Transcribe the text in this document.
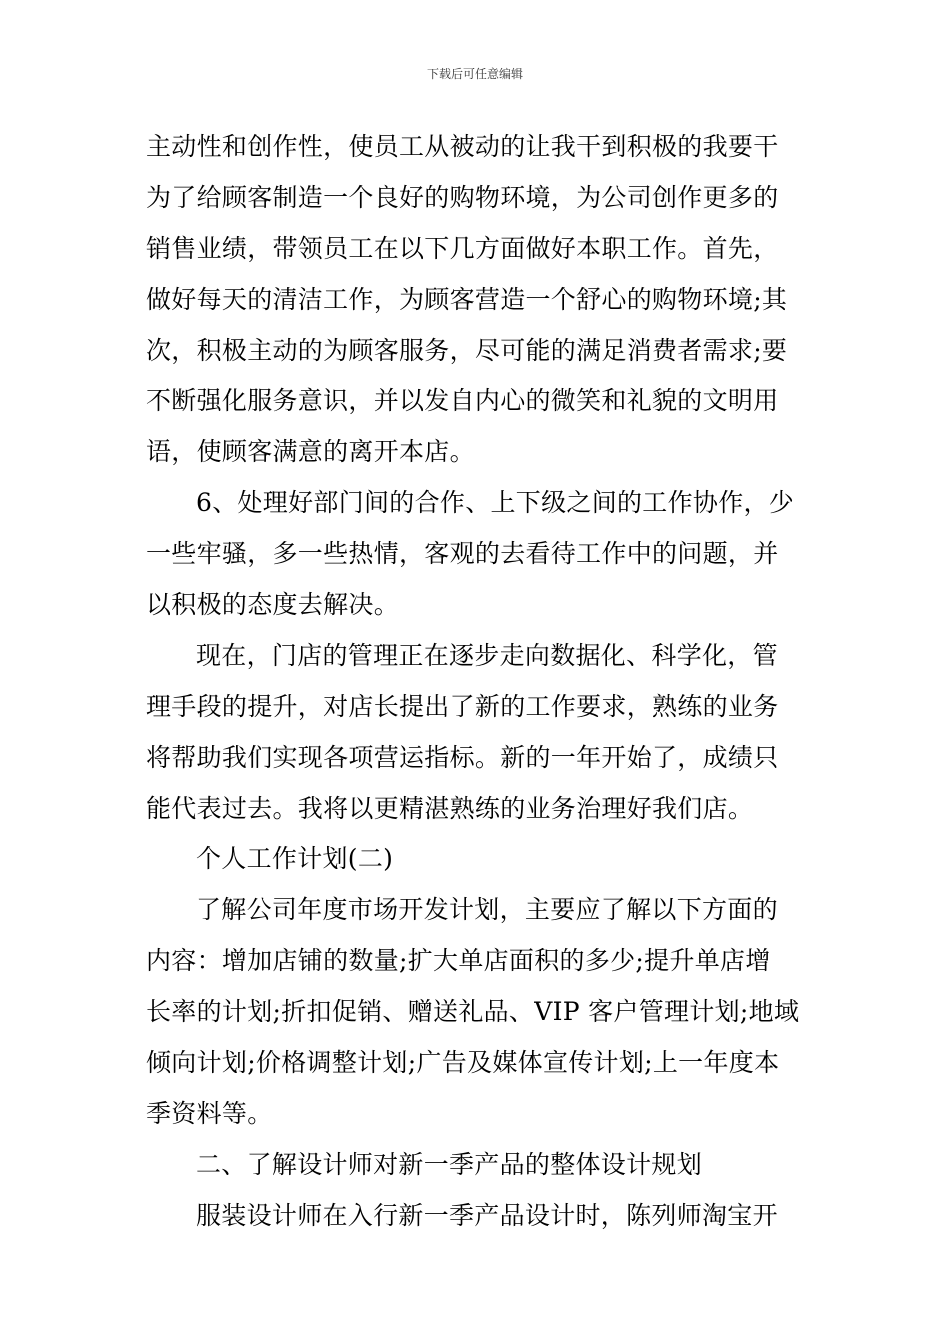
下载后可任意编辑
主动性和创作性，使员工从被动的让我干到积极的我要干
为了给顾客制造一个良好的购物环境，为公司创作更多的
销售业绩，带领员工在以下几方面做好本职工作。首先，
做好每天的清洁工作，为顾客营造一个舒心的购物环境;其
次，积极主动的为顾客服务，尽可能的满足消费者需求;要
不断强化服务意识，并以发自内心的微笑和礼貌的文明用
语，使顾客满意的离开本店。
6、处理好部门间的合作、上下级之间的工作协作，少
一些牢骚，多一些热情，客观的去看待工作中的问题，并
以积极的态度去解决。
现在，门店的管理正在逐步走向数据化、科学化，管
理手段的提升，对店长提出了新的工作要求，熟练的业务
将帮助我们实现各项营运指标。新的一年开始了，成绩只
能代表过去。我将以更精湛熟练的业务治理好我们店。
个人工作计划(二)
了解公司年度市场开发计划，主要应了解以下方面的
内容：增加店铺的数量;扩大单店面积的多少;提升单店增
长率的计划;折扣促销、赠送礼品、VIP 客户管理计划;地域
倾向计划;价格调整计划;广告及媒体宣传计划;上一年度本
季资料等。
二、了解设计师对新一季产品的整体设计规划
服装设计师在入行新一季产品设计时，陈列师淘宝开
